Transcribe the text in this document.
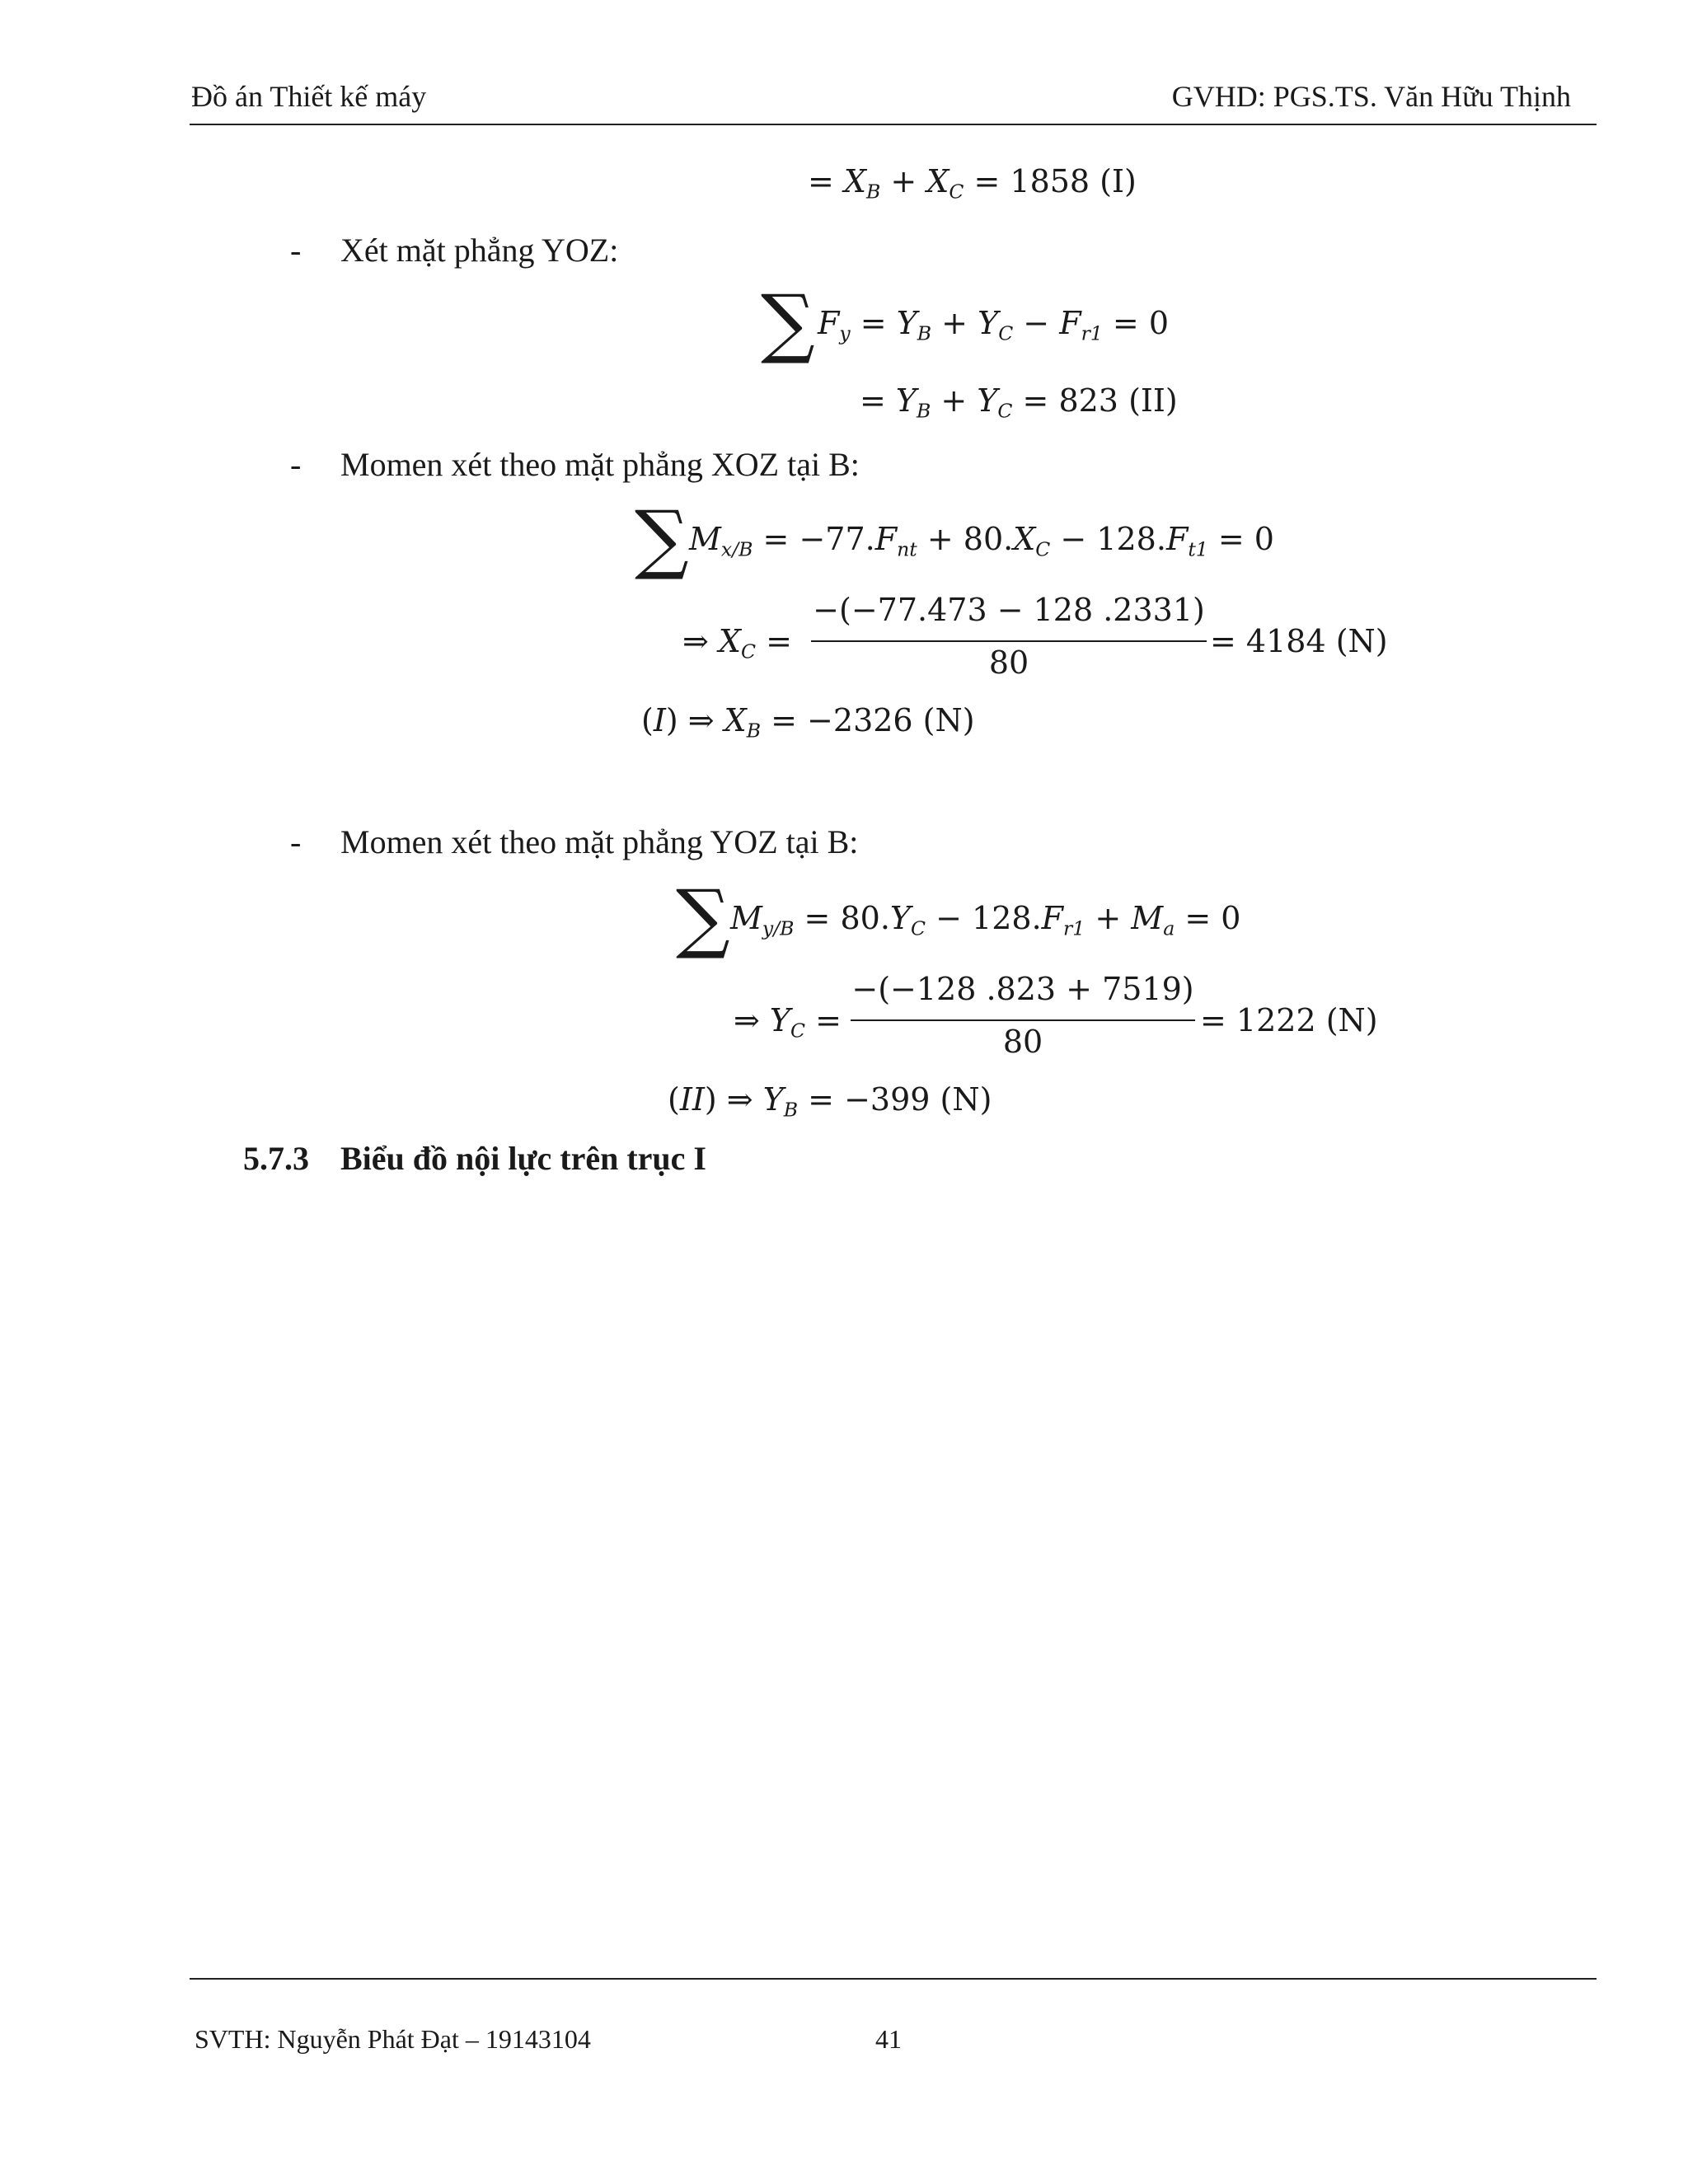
Đồ án Thiết kế máy	GVHD: PGS.TS. Văn Hữu Thịnh
= $X_B + X_C = 1858$ (I)
- Xét mặt phẳng YOZ:
∑ $F_y = Y_B + Y_C - F_{r1} = 0$
= $Y_B + Y_C = 823$ (II)
- Momen xét theo mặt phẳng XOZ tại B:
∑ $M_{x/B} = -77.F_{nt} + 80.X_C - 128.F_{t1} = 0$
⇒ $X_C$ =
−(−77.473 − 128 .2331)
80
= 4184 (N)
(I) ⇒ $X_B = -2326$ (N)
- Momen xét theo mặt phẳng YOZ tại B:
∑ $M_{y/B} = 80.Y_C - 128.F_{r1} + M_a = 0$
⇒ $Y_C$ =
−(−128 .823 + 7519)
80
= 1222 (N)
(II) ⇒ $Y_B = -399$ (N)
5.7.3 Biểu đồ nội lực trên trục I
SVTH: Nguyễn Phát Đạt – 19143104	41
